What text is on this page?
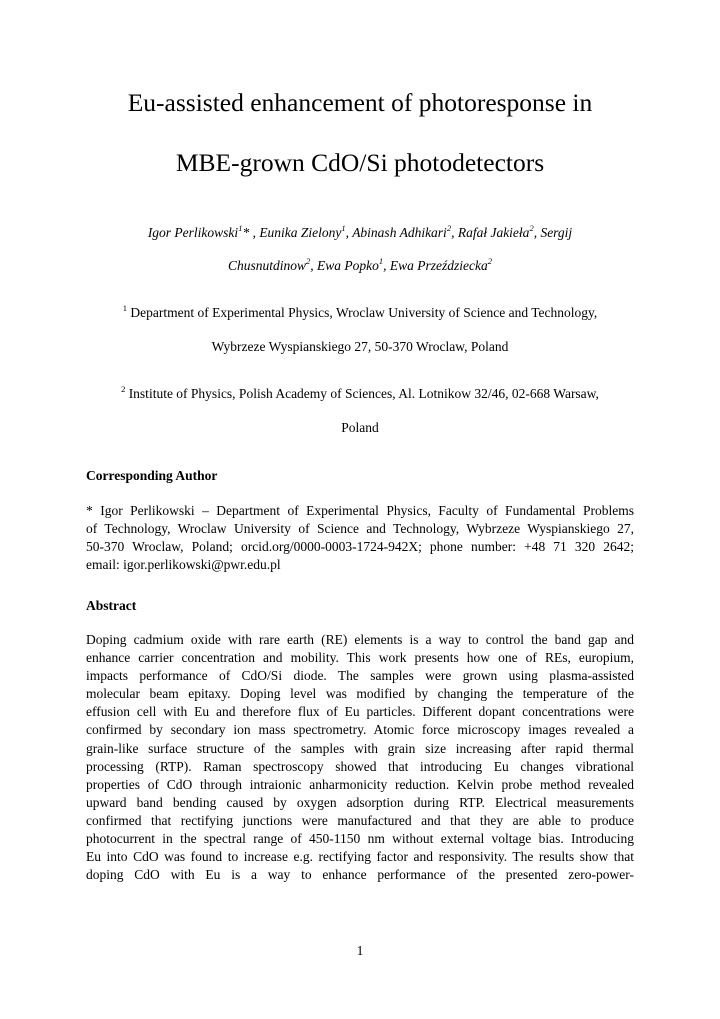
Eu-assisted enhancement of photoresponse in
MBE-grown CdO/Si photodetectors
Igor Perlikowski$^1$* , Eunika Zielony$^1$, Abinash Adhikari$^2$, Rafał Jakieła$^2$, Sergij
Chusnutdinow$^2$, Ewa Popko$^1$, Ewa Przeździecka$^2$
$^1$ Department of Experimental Physics, Wroclaw University of Science and Technology,
Wybrzeze Wyspianskiego 27, 50-370 Wroclaw, Poland
$^2$ Institute of Physics, Polish Academy of Sciences, Al. Lotnikow 32/46, 02-668 Warsaw,
Poland
Corresponding Author
* Igor Perlikowski – Department of Experimental Physics, Faculty of Fundamental Problems
of Technology, Wroclaw University of Science and Technology, Wybrzeze Wyspianskiego 27,
50-370 Wroclaw, Poland; orcid.org/0000-0003-1724-942X; phone number: +48 71 320 2642;
email: igor.perlikowski@pwr.edu.pl
Abstract
Doping cadmium oxide with rare earth (RE) elements is a way to control the band gap and
enhance carrier concentration and mobility. This work presents how one of REs, europium,
impacts performance of CdO/Si diode. The samples were grown using plasma-assisted
molecular beam epitaxy. Doping level was modified by changing the temperature of the
effusion cell with Eu and therefore flux of Eu particles. Different dopant concentrations were
confirmed by secondary ion mass spectrometry. Atomic force microscopy images revealed a
grain-like surface structure of the samples with grain size increasing after rapid thermal
processing (RTP). Raman spectroscopy showed that introducing Eu changes vibrational
properties of CdO through intraionic anharmonicity reduction. Kelvin probe method revealed
upward band bending caused by oxygen adsorption during RTP. Electrical measurements
confirmed that rectifying junctions were manufactured and that they are able to produce
photocurrent in the spectral range of 450-1150 nm without external voltage bias. Introducing
Eu into CdO was found to increase e.g. rectifying factor and responsivity. The results show that
doping CdO with Eu is a way to enhance performance of the presented zero-power-
1
